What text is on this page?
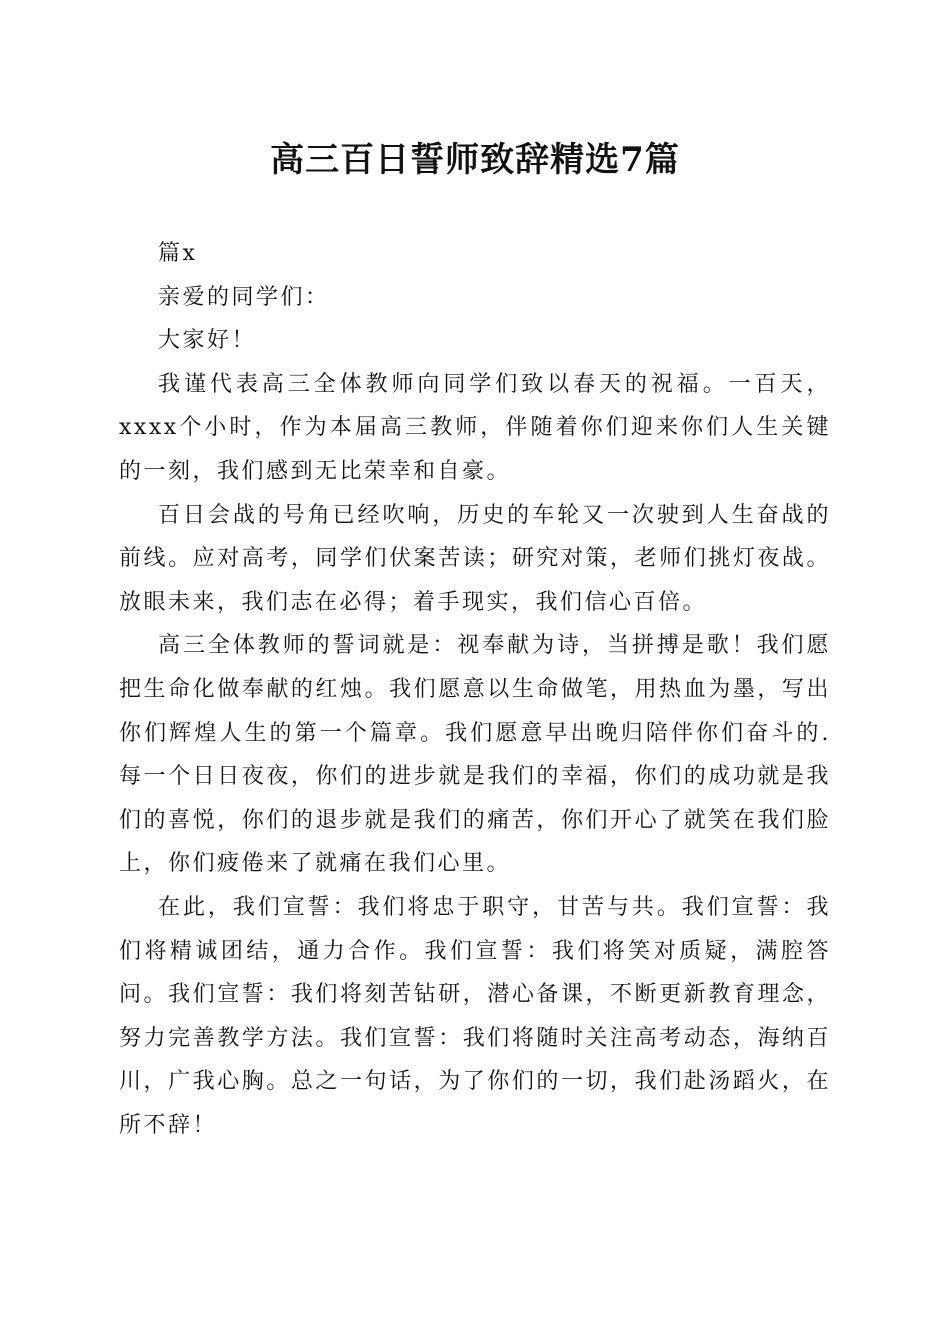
高三百日誓师致辞精选7篇

篇x

亲爱的同学们：

大家好！

我谨代表高三全体教师向同学们致以春天的祝福。一百天，xxxx个小时，作为本届高三教师，伴随着你们迎来你们人生关键的一刻，我们感到无比荣幸和自豪。

百日会战的号角已经吹响，历史的车轮又一次驶到人生奋战的前线。应对高考，同学们伏案苦读；研究对策，老师们挑灯夜战。放眼未来，我们志在必得；着手现实，我们信心百倍。

高三全体教师的誓词就是：视奉献为诗，当拼搏是歌！我们愿把生命化做奉献的红烛。我们愿意以生命做笔，用热血为墨，写出你们辉煌人生的第一个篇章。我们愿意早出晚归陪伴你们奋斗的.每一个日日夜夜，你们的进步就是我们的幸福，你们的成功就是我们的喜悦，你们的退步就是我们的痛苦，你们开心了就笑在我们脸上，你们疲倦来了就痛在我们心里。

在此，我们宣誓：我们将忠于职守，甘苦与共。我们宣誓：我们将精诚团结，通力合作。我们宣誓：我们将笑对质疑，满腔答问。我们宣誓：我们将刻苦钻研，潜心备课，不断更新教育理念，努力完善教学方法。我们宣誓：我们将随时关注高考动态，海纳百川，广我心胸。总之一句话，为了你们的一切，我们赴汤蹈火，在所不辞！
